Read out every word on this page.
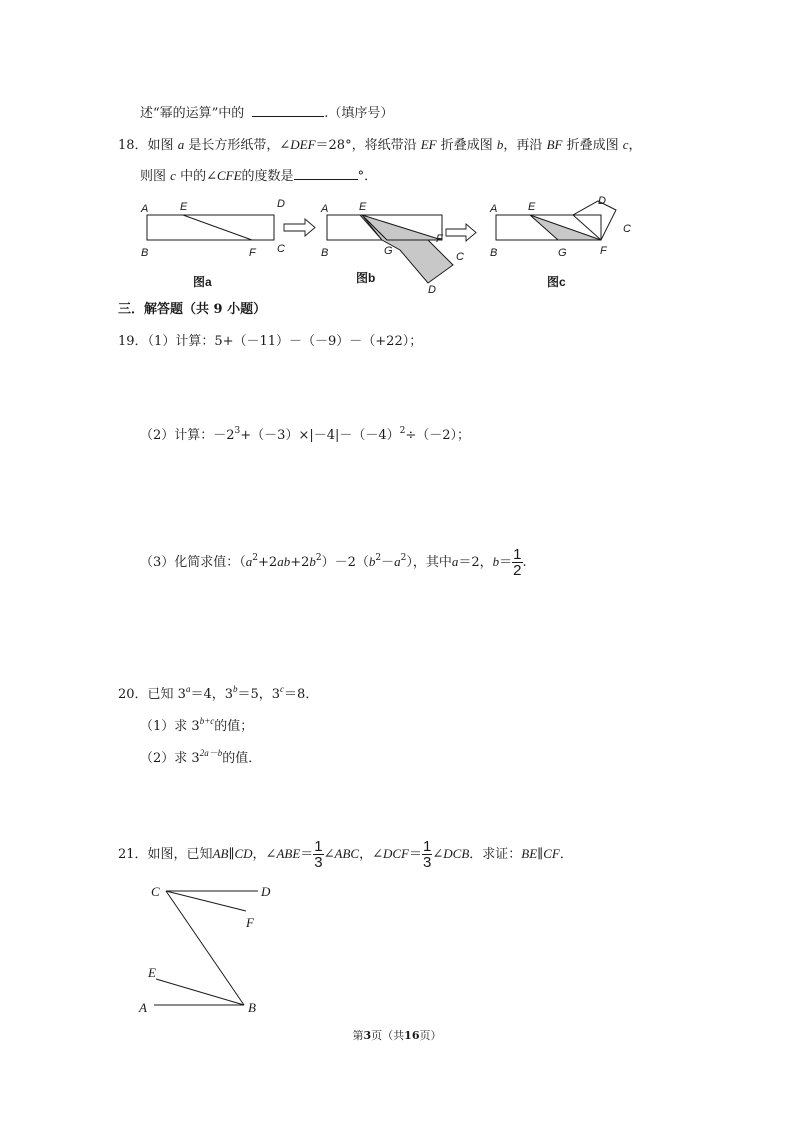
述“幂的运算”中的	.（填序号）
18．如图 a 是长方形纸带，∠DEF＝28°，将纸带沿 EF 折叠成图 b，再沿 BF 折叠成图 c，
则图 c 中的∠CFE的度数是	°．
A	E	D
B	F C
图a
A	E
B	G
F
C
D
图b
A	E	D
C
B	G	F
图c
三．解答题（共 9 小题）
19．（1）计算：5+（－11）－（－9）－（+22）；
（2）计算：$-2^3+(-3)\times|-4|-(-4)^2\div(-2)$；
（3）化简求值：$(a^2+2ab+2b^2)-2(b^2-a^2)$，其中a＝2，$b= \frac{1}{2}$ .
20．已知 $3^a=4$，$3^b=5$，$3^c=8$．
（1）求 $3^{b+c}$的值；
（2）求 $3^{2a-b}$的值．
21．如图，已知AB∥CD，∠ABE＝ $\frac{1}{3}$ ∠ABC，∠DCF＝ $\frac{1}{3}$ ∠DCB．求证：BE∥CF．
C	D
F
E
A	B
第3页（共16页）
